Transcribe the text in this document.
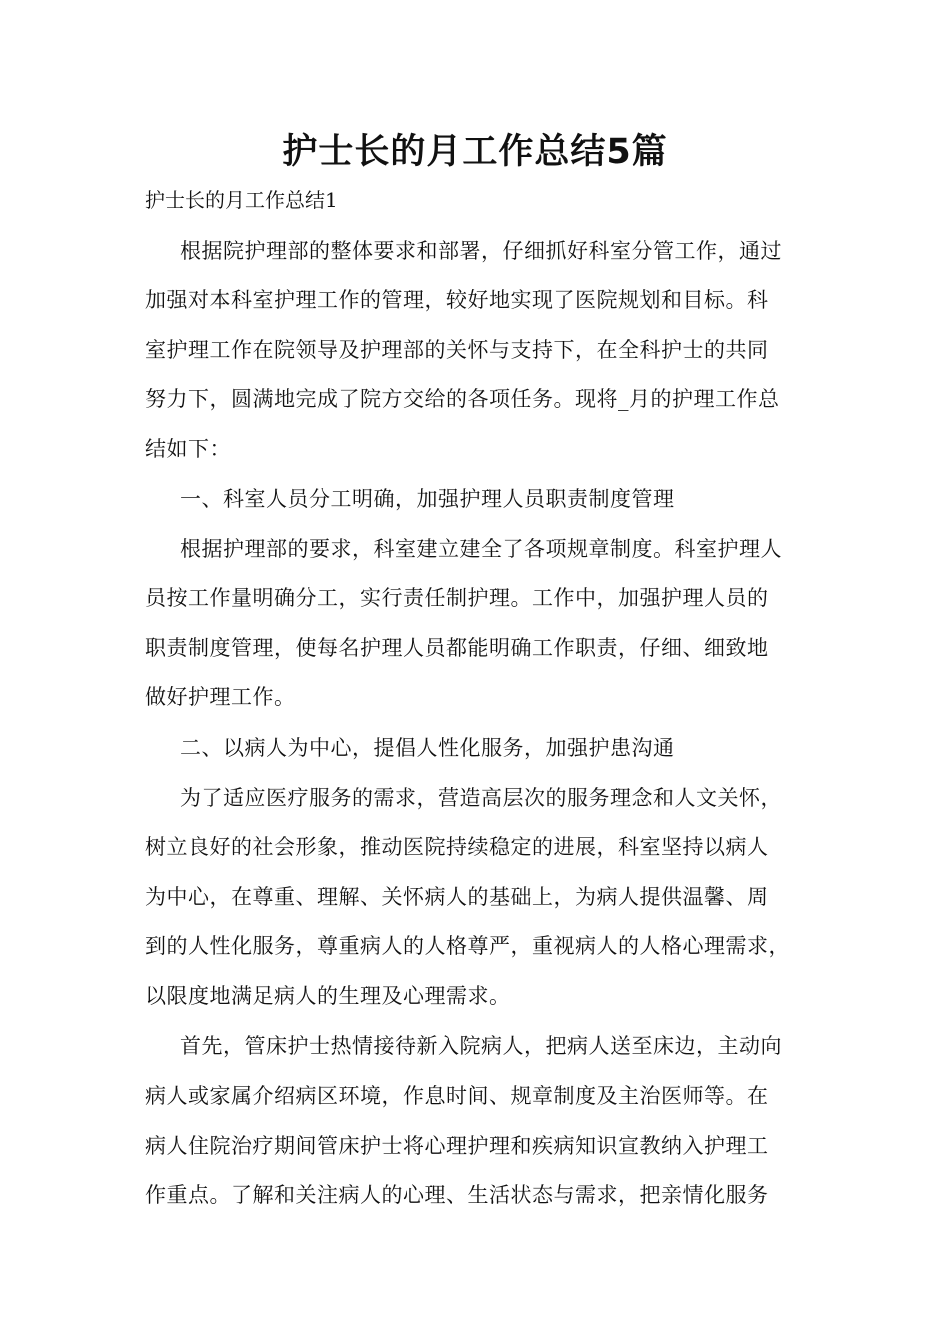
护士长的月工作总结5篇

护士长的月工作总结1

根据院护理部的整体要求和部署，仔细抓好科室分管工作，通过

加强对本科室护理工作的管理，较好地实现了医院规划和目标。科

室护理工作在院领导及护理部的关怀与支持下，在全科护士的共同

努力下，圆满地完成了院方交给的各项任务。现将_月的护理工作总

结如下：

一、科室人员分工明确，加强护理人员职责制度管理

根据护理部的要求，科室建立建全了各项规章制度。科室护理人

员按工作量明确分工，实行责任制护理。工作中，加强护理人员的

职责制度管理，使每名护理人员都能明确工作职责，仔细、细致地

做好护理工作。

二、以病人为中心，提倡人性化服务，加强护患沟通

为了适应医疗服务的需求，营造高层次的服务理念和人文关怀，

树立良好的社会形象，推动医院持续稳定的进展，科室坚持以病人

为中心，在尊重、理解、关怀病人的基础上，为病人提供温馨、周

到的人性化服务，尊重病人的人格尊严，重视病人的人格心理需求，

以限度地满足病人的生理及心理需求。

首先，管床护士热情接待新入院病人，把病人送至床边，主动向

病人或家属介绍病区环境，作息时间、规章制度及主治医师等。在

病人住院治疗期间管床护士将心理护理和疾病知识宣教纳入护理工

作重点。了解和关注病人的心理、生活状态与需求，把亲情化服务
